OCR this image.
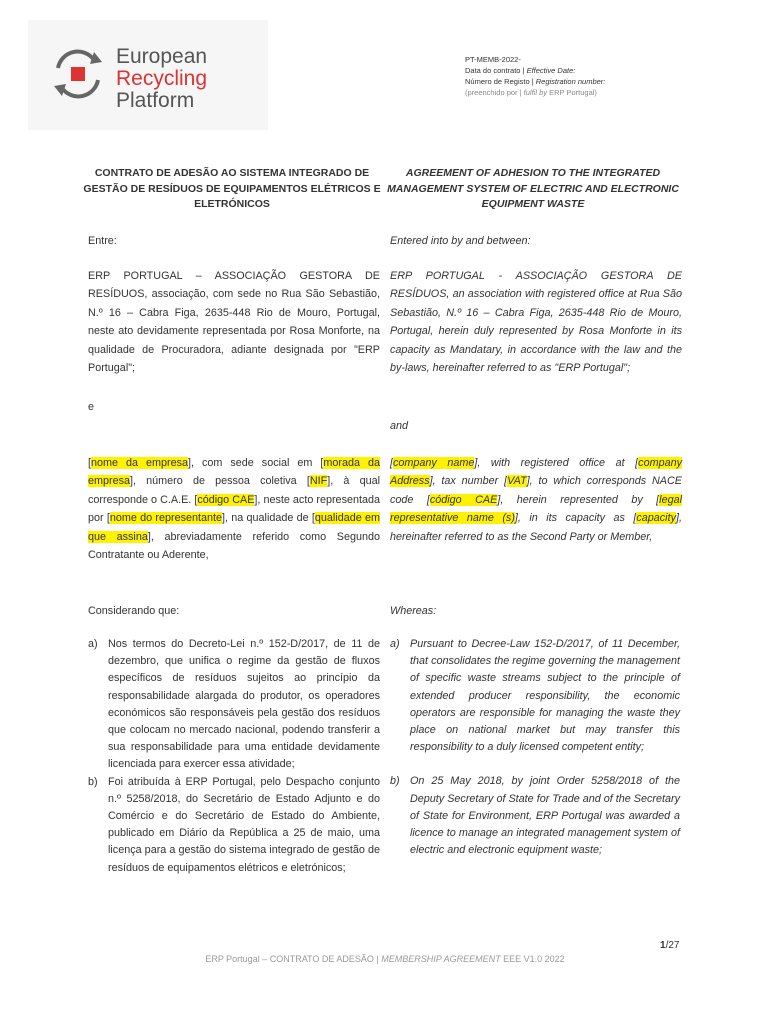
European
Recycling
Platform
PT-MEMB-2022-
Data do contrato | Effective Date:
Número de Registo | Registration number:
(preenchido por | fulfil by ERP Portugal)
CONTRATO DE ADESÃO AO SISTEMA INTEGRADO DE GESTÃO DE RESÍDUOS DE EQUIPAMENTOS ELÉTRICOS E ELETRÓNICOS
AGREEMENT OF ADHESION TO THE INTEGRATED MANAGEMENT SYSTEM OF ELECTRIC AND ELECTRONIC EQUIPMENT WASTE
Entre:	Entered into by and between:

ERP PORTUGAL – ASSOCIAÇÃO GESTORA DE RESÍDUOS, associação, com sede no Rua São Sebastião, N.º 16 – Cabra Figa, 2635-448 Rio de Mouro, Portugal, neste ato devidamente representada por Rosa Monforte, na qualidade de Procuradora, adiante designada por "ERP Portugal";

ERP PORTUGAL - ASSOCIAÇÃO GESTORA DE RESÍDUOS, an association with registered office at Rua São Sebastião, N.º 16 – Cabra Figa, 2635-448 Rio de Mouro, Portugal, herein duly represented by Rosa Monforte in its capacity as Mandatary, in accordance with the law and the by-laws, hereinafter referred to as "ERP Portugal";

e
and

[nome da empresa], com sede social em [morada da empresa], número de pessoa coletiva [NIF], à qual corresponde o C.A.E. [código CAE], neste acto representada por [nome do representante], na qualidade de [qualidade em que assina], abreviadamente referido como Segundo Contratante ou Aderente,

[company name], with registered office at [company Address], tax number [VAT], to which corresponds NACE code [código CAE], herein represented by [legal representative name (s)], in its capacity as [capacity], hereinafter referred to as the Second Party or Member,

Considerando que:	Whereas:
a) Nos termos do Decreto-Lei n.º 152-D/2017, de 11 de dezembro, que unifica o regime da gestão de fluxos específicos de resíduos sujeitos ao princípio da responsabilidade alargada do produtor, os operadores económicos são responsáveis pela gestão dos resíduos que colocam no mercado nacional, podendo transferir a sua responsabilidade para uma entidade devidamente licenciada para exercer essa atividade;
b) Foi atribuída à ERP Portugal, pelo Despacho conjunto n.º 5258/2018, do Secretário de Estado Adjunto e do Comércio e do Secretário de Estado do Ambiente, publicado em Diário da República a 25 de maio, uma licença para a gestão do sistema integrado de gestão de resíduos de equipamentos elétricos e eletrónicos;
a) Pursuant to Decree-Law 152-D/2017, of 11 December, that consolidates the regime governing the management of specific waste streams subject to the principle of extended producer responsibility, the economic operators are responsible for managing the waste they place on national market but may transfer this responsibility to a duly licensed competent entity;
b) On 25 May 2018, by joint Order 5258/2018 of the Deputy Secretary of State for Trade and of the Secretary of State for Environment, ERP Portugal was awarded a licence to manage an integrated management system of electric and electronic equipment waste;
1/27
ERP Portugal – CONTRATO DE ADESÃO | MEMBERSHIP AGREEMENT EEE V1.0 2022
